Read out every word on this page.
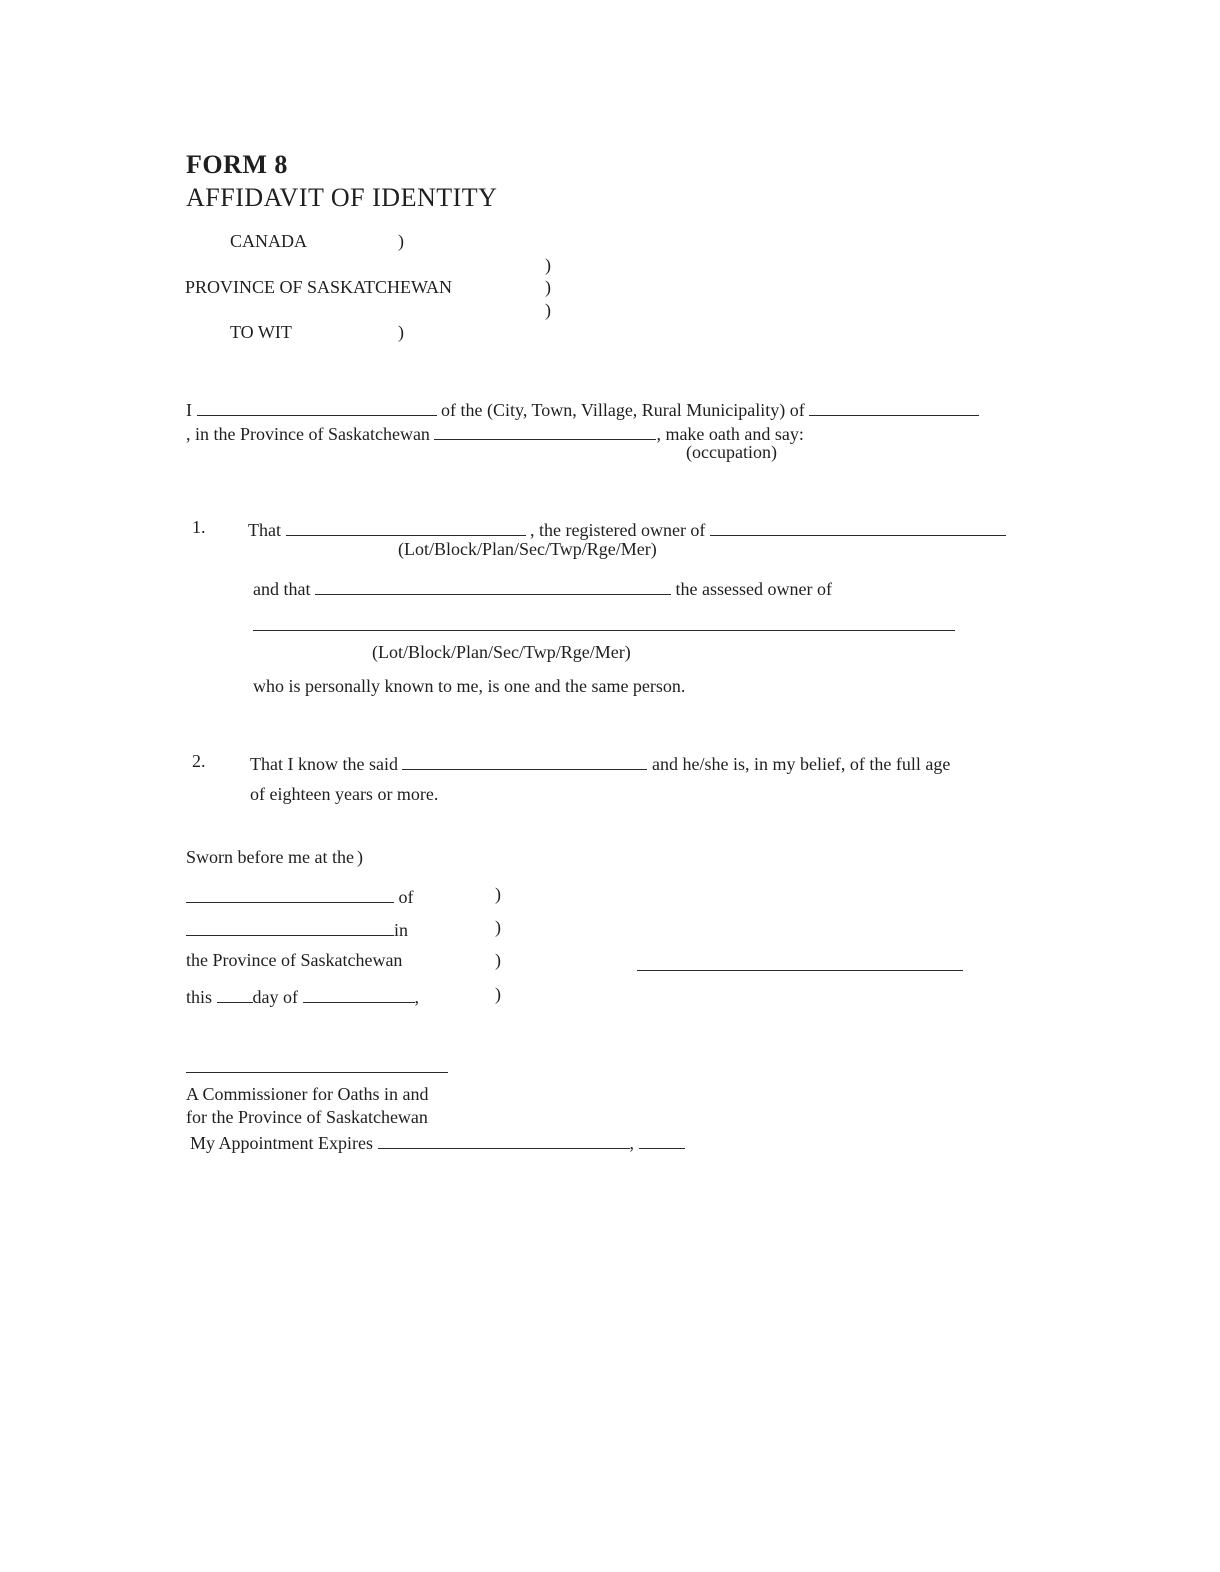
FORM 8
AFFIDAVIT OF IDENTITY
CANADA	)
)
PROVINCE OF SASKATCHEWAN	)
)
TO WIT	)
I	of the (City, Town, Village, Rural Municipality) of
, in the Province of Saskatchewan	, make oath and say:
(occupation)
1. That	, the registered owner of
(Lot/Block/Plan/Sec/Twp/Rge/Mer)
and that	the assessed owner of
(Lot/Block/Plan/Sec/Twp/Rge/Mer)
who is personally known to me, is one and the same person.
2. That I know the said	and he/she is, in my belief, of the full age
of eighteen years or more.
Sworn before me at the )
of	)
in	)
the Province of Saskatchewan	)
this day of	,	)
A Commissioner for Oaths in and
for the Province of Saskatchewan
My Appointment Expires	,
